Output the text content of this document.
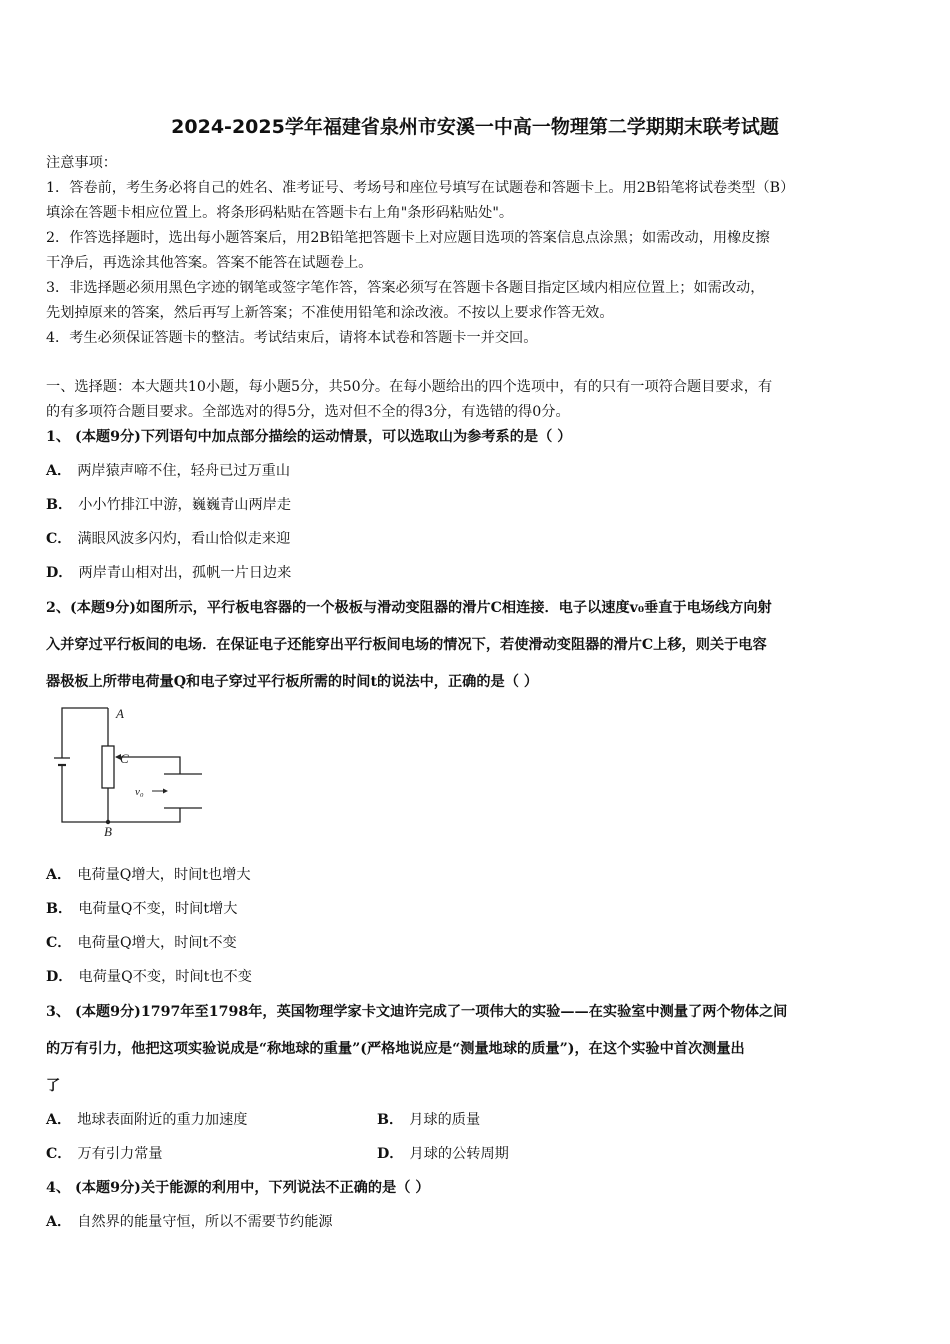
2024-2025学年福建省泉州市安溪一中高一物理第二学期期末联考试题
注意事项：
1．答卷前，考生务必将自己的姓名、准考证号、考场号和座位号填写在试题卷和答题卡上。用2B铅笔将试卷类型（B）
填涂在答题卡相应位置上。将条形码粘贴在答题卡右上角"条形码粘贴处"。
2．作答选择题时，选出每小题答案后，用2B铅笔把答题卡上对应题目选项的答案信息点涂黑；如需改动，用橡皮擦
干净后，再选涂其他答案。答案不能答在试题卷上。
3．非选择题必须用黑色字迹的钢笔或签字笔作答，答案必须写在答题卡各题目指定区域内相应位置上；如需改动，
先划掉原来的答案，然后再写上新答案；不准使用铅笔和涂改液。不按以上要求作答无效。
4．考生必须保证答题卡的整洁。考试结束后，请将本试卷和答题卡一并交回。
一、选择题：本大题共10小题，每小题5分，共50分。在每小题给出的四个选项中，有的只有一项符合题目要求，有
的有多项符合题目要求。全部选对的得5分，选对但不全的得3分，有选错的得0分。
1、 (本题9分)下列语句中加点部分描绘的运动情景，可以选取山为参考系的是（ ）
A． 两岸猿声啼不住，轻舟已过万重山
B． 小小竹排江中游，巍巍青山两岸走
C． 满眼风波多闪灼，看山恰似走来迎
D． 两岸青山相对出，孤帆一片日边来
2、(本题9分)如图所示，平行板电容器的一个极板与滑动变阻器的滑片C相连接．电子以速度v₀垂直于电场线方向射
入并穿过平行板间的电场．在保证电子还能穿出平行板间电场的情况下，若使滑动变阻器的滑片C上移，则关于电容
器极板上所带电荷量Q和电子穿过平行板所需的时间t的说法中，正确的是（ ）
A
C
v₀
B
A． 电荷量Q增大，时间t也增大
B． 电荷量Q不变，时间t增大
C． 电荷量Q增大，时间t不变
D． 电荷量Q不变，时间t也不变
3、 (本题9分)1797年至1798年，英国物理学家卡文迪许完成了一项伟大的实验——在实验室中测量了两个物体之间
的万有引力，他把这项实验说成是“称地球的重量”(严格地说应是“测量地球的质量”)，在这个实验中首次测量出
了
A． 地球表面附近的重力加速度	B． 月球的质量
C． 万有引力常量	D． 月球的公转周期
4、 (本题9分)关于能源的利用中，下列说法不正确的是（ ）
A． 自然界的能量守恒，所以不需要节约能源
